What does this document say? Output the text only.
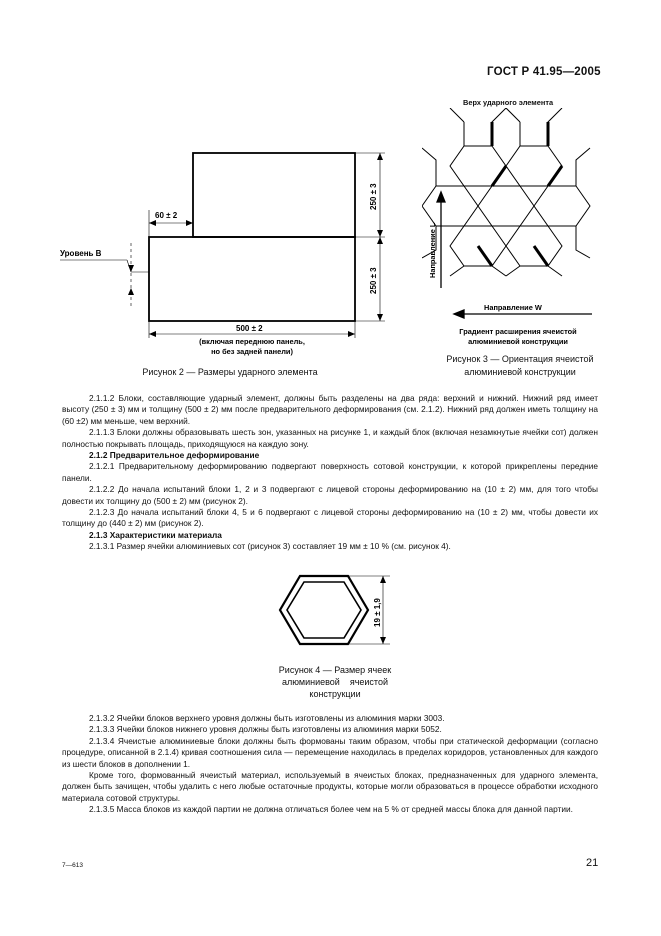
ГОСТ Р 41.95—2005
60 ± 2
250 ± 3
250 ± 3
Уровень B
500 ± 2
(включая переднюю панель,
но без задней панели)
Рисунок 2 — Размеры ударного элемента
Верх ударного элемента
Направление L
Направление W
Градиент расширения ячеистой
алюминиевой конструкции
Рисунок 3 — Ориентация ячеистой
алюминиевой конструкции

2.1.1.2 Блоки, составляющие ударный элемент, должны быть разделены на два ряда: верхний и нижний. Нижний ряд имеет высоту (250 ± 3) мм и толщину (500 ± 2) мм после предварительного деформирования (см. 2.1.2). Нижний ряд должен иметь толщину на (60 ±2) мм меньше, чем верхний.

2.1.1.3 Блоки должны образовывать шесть зон, указанных на рисунке 1, и каждый блок (включая незамкнутые ячейки сот) должен полностью покрывать площадь, приходящуюся на каждую зону.

2.1.2 Предварительное деформирование

2.1.2.1 Предварительному деформированию подвергают поверхность сотовой конструкции, к которой прикреплены передние панели.

2.1.2.2 До начала испытаний блоки 1, 2 и 3 подвергают с лицевой стороны деформированию на (10 ± 2) мм, для того чтобы довести их толщину до (500 ± 2) мм (рисунок 2).

2.1.2.3 До начала испытаний блоки 4, 5 и 6 подвергают с лицевой стороны деформированию на (10 ± 2) мм, чтобы довести их толщину до (440 ± 2) мм (рисунок 2).

2.1.3 Характеристики материала

2.1.3.1 Размер ячейки алюминиевых сот (рисунок 3) составляет 19 мм ± 10 % (см. рисунок 4).

19 ± 1,9
Рисунок 4 — Размер ячеек
алюминиевой    ячеистой
конструкции

2.1.3.2 Ячейки блоков верхнего уровня должны быть изготовлены из алюминия марки 3003.

2.1.3.3 Ячейки блоков нижнего уровня должны быть изготовлены из алюминия марки 5052.

2.1.3.4 Ячеистые алюминиевые блоки должны быть формованы таким образом, чтобы при статической деформации (согласно процедуре, описанной в 2.1.4) кривая соотношения сила — перемещение находилась в пределах коридоров, установленных для каждого из шести блоков в дополнении 1.

Кроме того, формованный ячеистый материал, используемый в ячеистых блоках, предназначенных для ударного элемента, должен быть зачищен, чтобы удалить с него любые остаточные продукты, которые могли образоваться в процессе обработки исходного материала сотовой структуры.

2.1.3.5 Масса блоков из каждой партии не должна отличаться более чем на 5 % от средней массы блока для данной партии.

7—613	21
